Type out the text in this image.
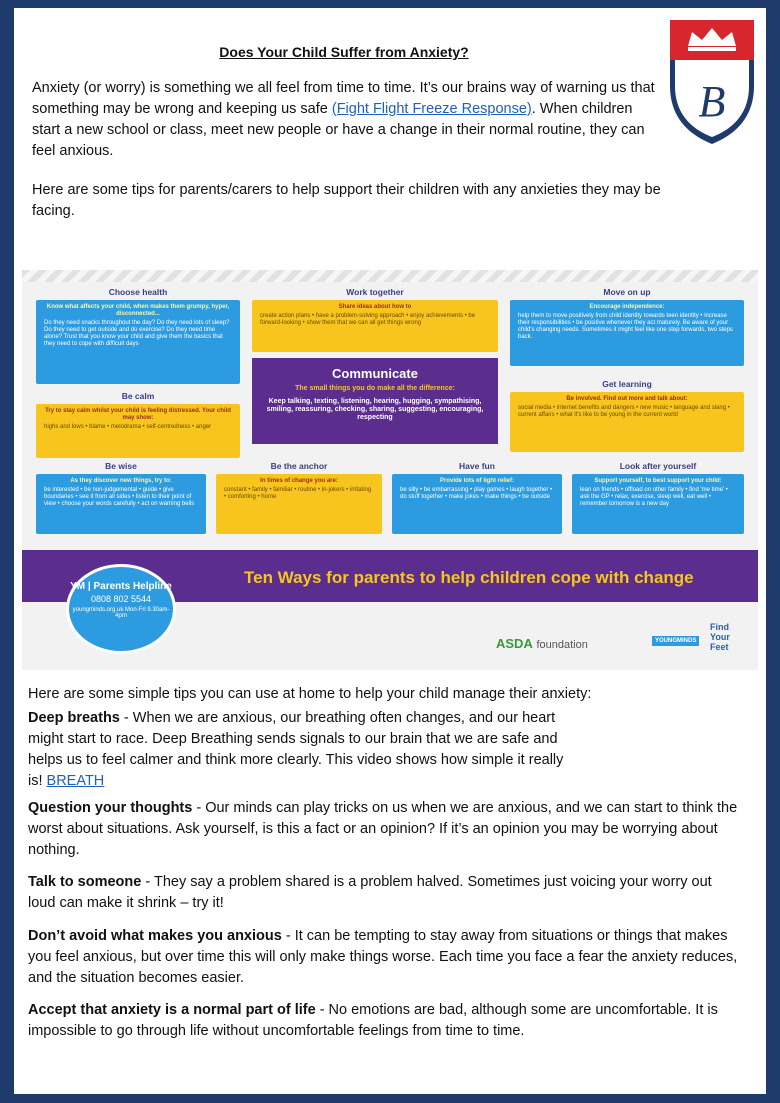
Does Your Child Suffer from Anxiety?
B

Anxiety (or worry) is something we all feel from time to time. It’s our brains way of warning us that something may be wrong and keeping us safe (Fight Flight Freeze Response). When children start a new school or class, meet new people or have a change in their normal routine, they can feel anxious.

Here are some tips for parents/carers to help support their children with any anxieties they may be facing.

Know what affects your child, when makes them grumpy, hyper, disconnected...
Do they need snacks throughout the day? Do they need lots of sleep? Do they need to get outside and do exercise? Do they need time alone? Trust that you know your child and give them the basics that they need to cope with difficult days
Choose health
Share ideas about how to
create action plans • have a problem-solving approach • enjoy achievements • be forward-looking • show them that we can all get things wrong
Work together
Encourage independence:
help them to move positively from child identity towards teen identity • increase their responsibilities • be positive whenever they act maturely. Be aware of your child's changing needs. Sometimes it might feel like one step forwards, two steps back.
Move on up
Communicate
The small things you do make all the difference:
Keep talking, texting, listening, hearing, hugging, sympathising, smiling, reassuring, checking, sharing, suggesting, encouraging, respecting
Try to stay calm whilst your child is feeling distressed. Your child may show:
highs and lows • blame • melodrama • self-centredness • anger
Be calm	Be involved. Find out more and talk about:
social media • internet benefits and dangers • new music • language and slang • current affairs • what it's like to be young in the current world
Get learning
As they discover new things, try to:
be interested • be non-judgemental • guide • give boundaries • see it from all sides • listen to their point of view • choose your words carefully • act on warning bells
Be wise
In times of change you are:
constant • family • familiar • routine • in-jokers • irritating • comforting • home
Be the anchor
Provide lots of light relief:
be silly • be embarrassing • play games • laugh together • do stuff together • make jokes • make things • be outside
Have fun
Support yourself, to best support your child:
lean on friends • offload on other family • find 'me time' • ask the GP • relax, exercise, sleep well, eat well • remember tomorrow is a new day
Look after yourself
Ten Ways for parents to help children cope with change
YM | Parents Helpline
0808 802 5544
youngminds.org.uk Mon-Fri 9.30am-4pm
ASDA foundation	YOUNGMINDS
Find Your Feet

Here are some simple tips you can use at home to help your child manage their anxiety:

Deep breaths - When we are anxious, our breathing often changes, and our heart might start to race. Deep Breathing sends signals to our brain that we are safe and helps us to feel calmer and think more clearly. This video shows how simple it really is! BREATH

Question your thoughts - Our minds can play tricks on us when we are anxious, and we can start to think the worst about situations. Ask yourself, is this a fact or an opinion? If it’s an opinion you may be worrying about nothing.

Talk to someone - They say a problem shared is a problem halved. Sometimes just voicing your worry out loud can make it shrink – try it!

Don’t avoid what makes you anxious - It can be tempting to stay away from situations or things that makes you feel anxious, but over time this will only make things worse. Each time you face a fear the anxiety reduces, and the situation becomes easier.

Accept that anxiety is a normal part of life - No emotions are bad, although some are uncomfortable. It is impossible to go through life without uncomfortable feelings from time to time.
